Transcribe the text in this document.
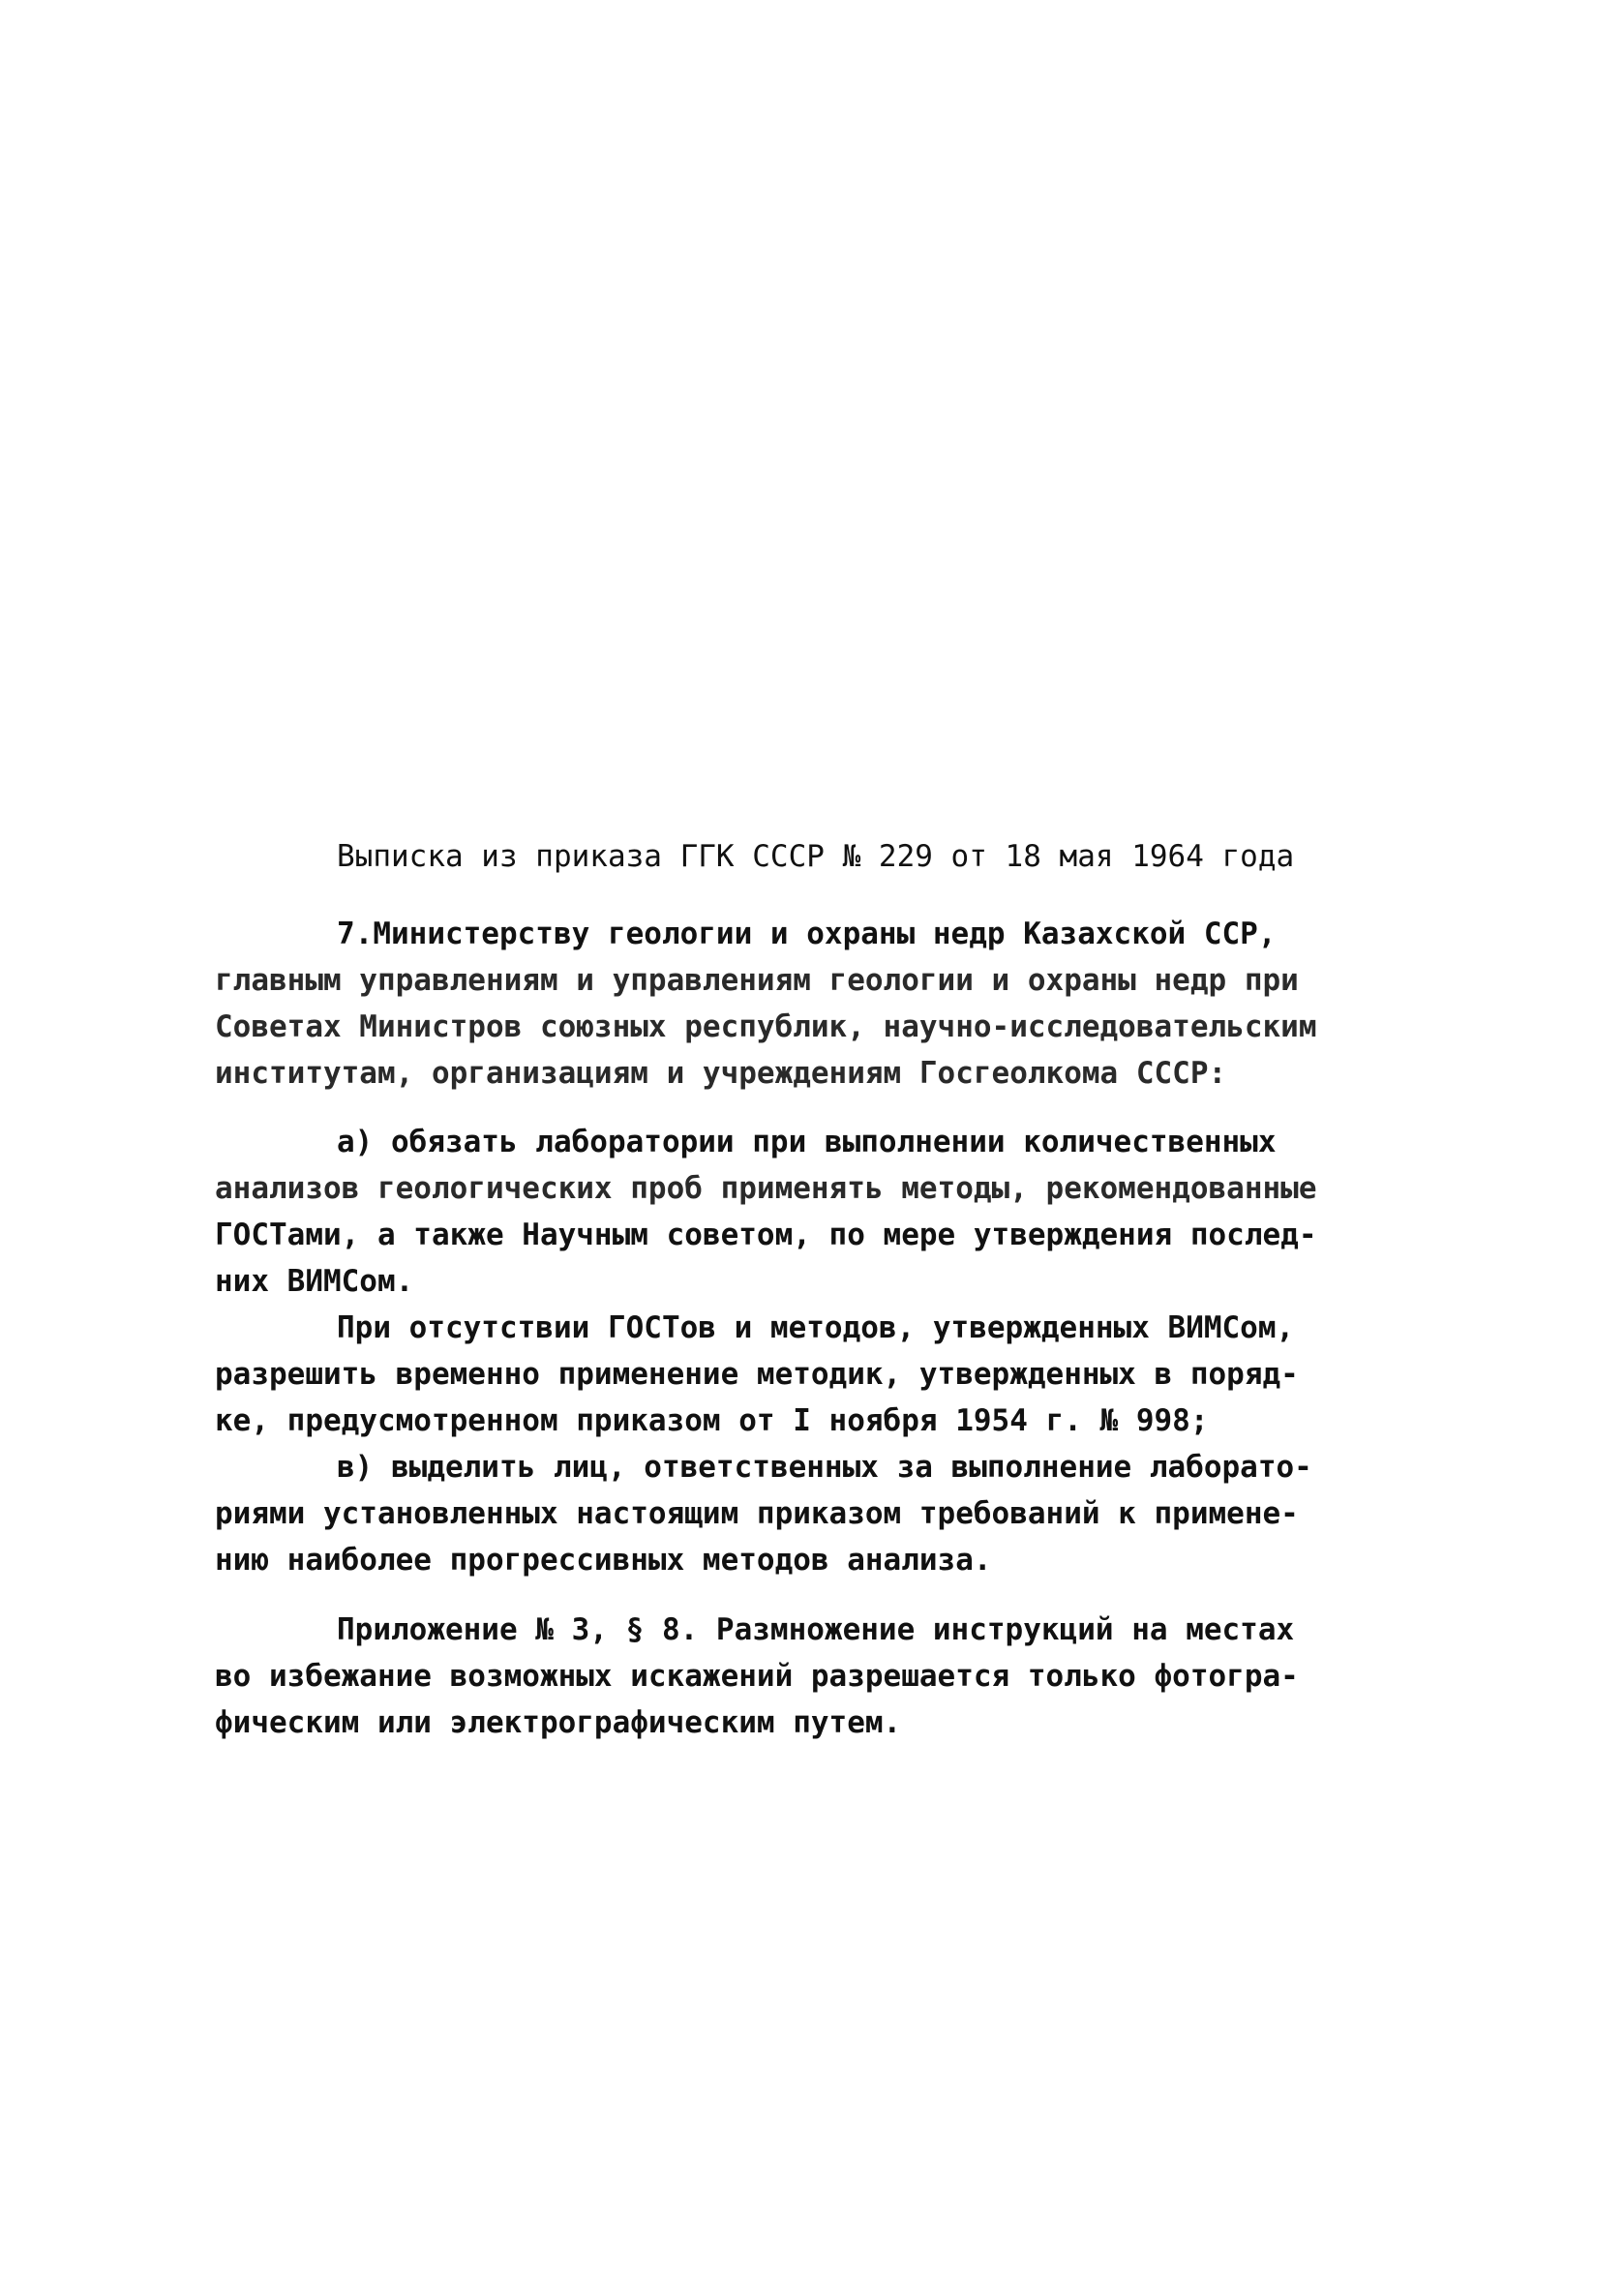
Выписка из приказа ГГК СССР № 229 от 18 мая 1964 года
7.Министерству геологии и охраны недр Казахской ССР,
главным управлениям и управлениям геологии и охраны недр при
Советах Министров союзных республик, научно-исследовательским
институтам, организациям и учреждениям Госгеолкома СССР:
а) обязать лаборатории при выполнении количественных
анализов геологических проб применять методы, рекомендованные
ГОСТами, а также Научным советом, по мере утверждения послед-
них ВИМСом.
При отсутствии ГОСТов и методов, утвержденных ВИМСом,
разрешить временно применение методик, утвержденных в поряд-
ке, предусмотренном приказом от I ноября 1954 г. № 998;
в) выделить лиц, ответственных за выполнение лаборато-
риями установленных настоящим приказом требований к примене-
нию наиболее прогрессивных методов анализа.
Приложение № 3, § 8. Размножение инструкций на местах
во избежание возможных искажений разрешается только фотогра-
фическим или электрографическим путем.
